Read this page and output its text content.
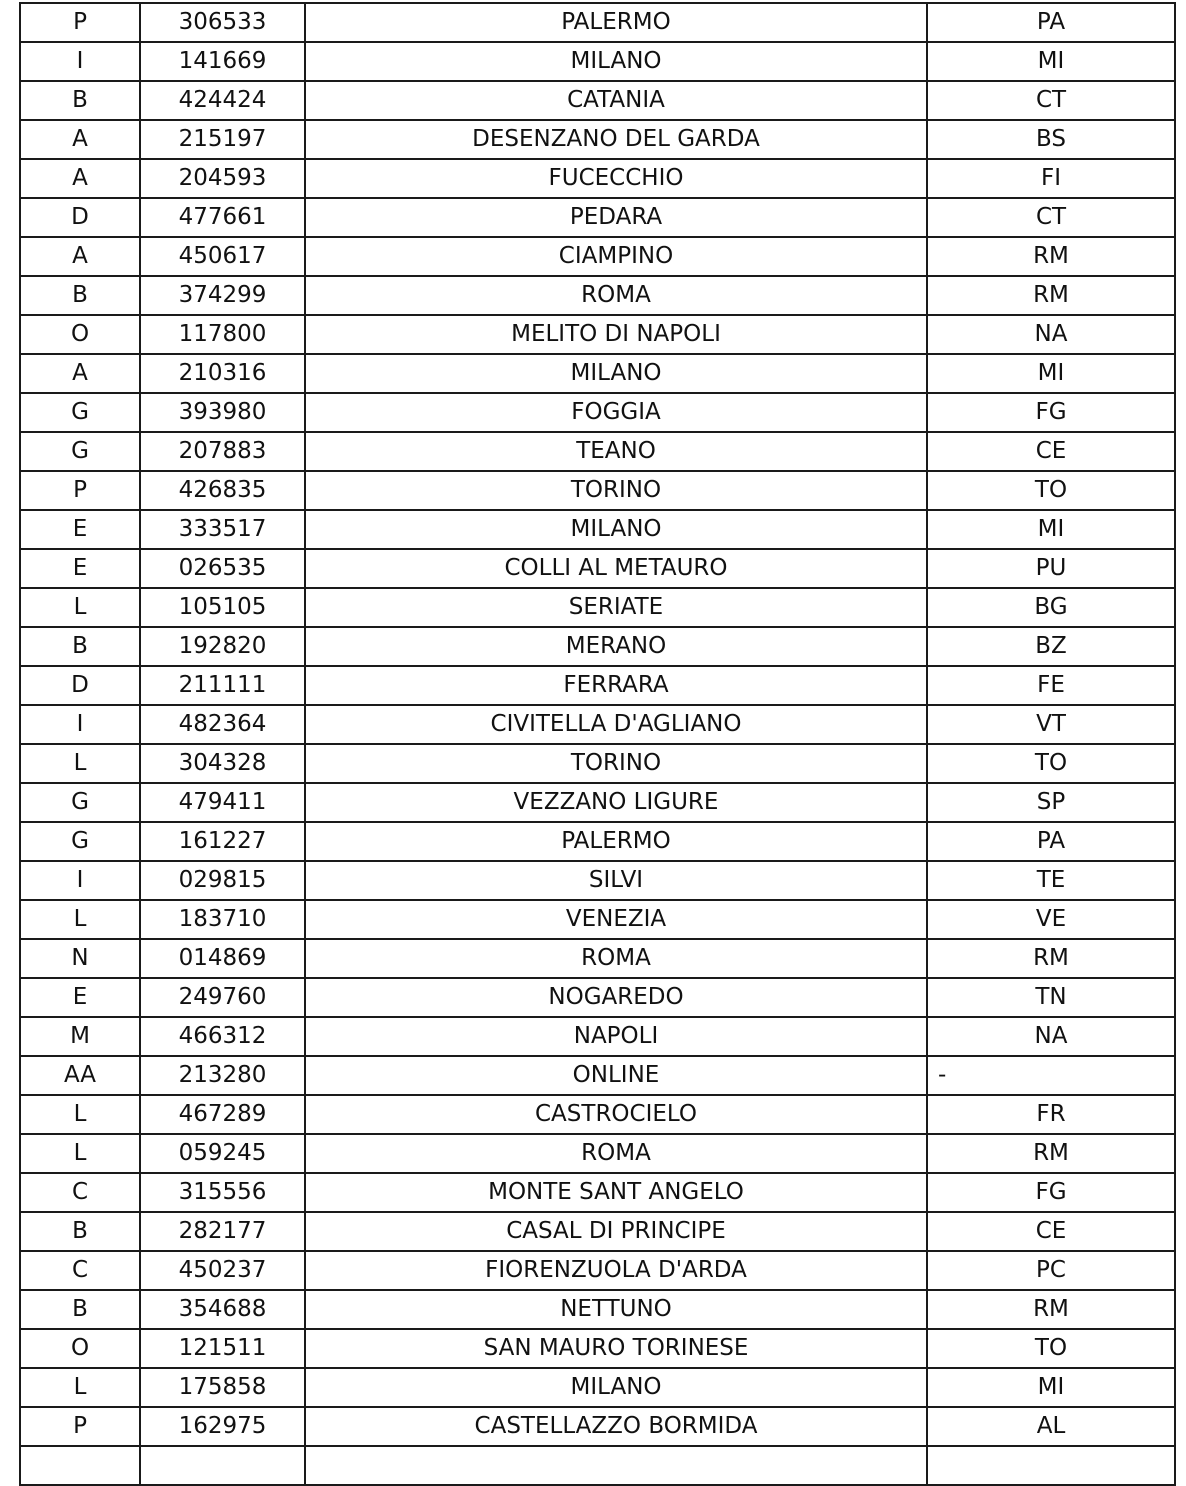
P	306533	PALERMO	PA
I	141669	MILANO	MI
B	424424	CATANIA	CT
A	215197	DESENZANO DEL GARDA	BS
A	204593	FUCECCHIO	FI
D	477661	PEDARA	CT
A	450617	CIAMPINO	RM
B	374299	ROMA	RM
O	117800	MELITO DI NAPOLI	NA
A	210316	MILANO	MI
G	393980	FOGGIA	FG
G	207883	TEANO	CE
P	426835	TORINO	TO
E	333517	MILANO	MI
E	026535	COLLI AL METAURO	PU
L	105105	SERIATE	BG
B	192820	MERANO	BZ
D	211111	FERRARA	FE
I	482364	CIVITELLA D'AGLIANO	VT
L	304328	TORINO	TO
G	479411	VEZZANO LIGURE	SP
G	161227	PALERMO	PA
I	029815	SILVI	TE
L	183710	VENEZIA	VE
N	014869	ROMA	RM
E	249760	NOGAREDO	TN
M	466312	NAPOLI	NA
AA	213280	ONLINE	-
L	467289	CASTROCIELO	FR
L	059245	ROMA	RM
C	315556	MONTE SANT ANGELO	FG
B	282177	CASAL DI PRINCIPE	CE
C	450237	FIORENZUOLA D'ARDA	PC
B	354688	NETTUNO	RM
O	121511	SAN MAURO TORINESE	TO
L	175858	MILANO	MI
P	162975	CASTELLAZZO BORMIDA	AL
